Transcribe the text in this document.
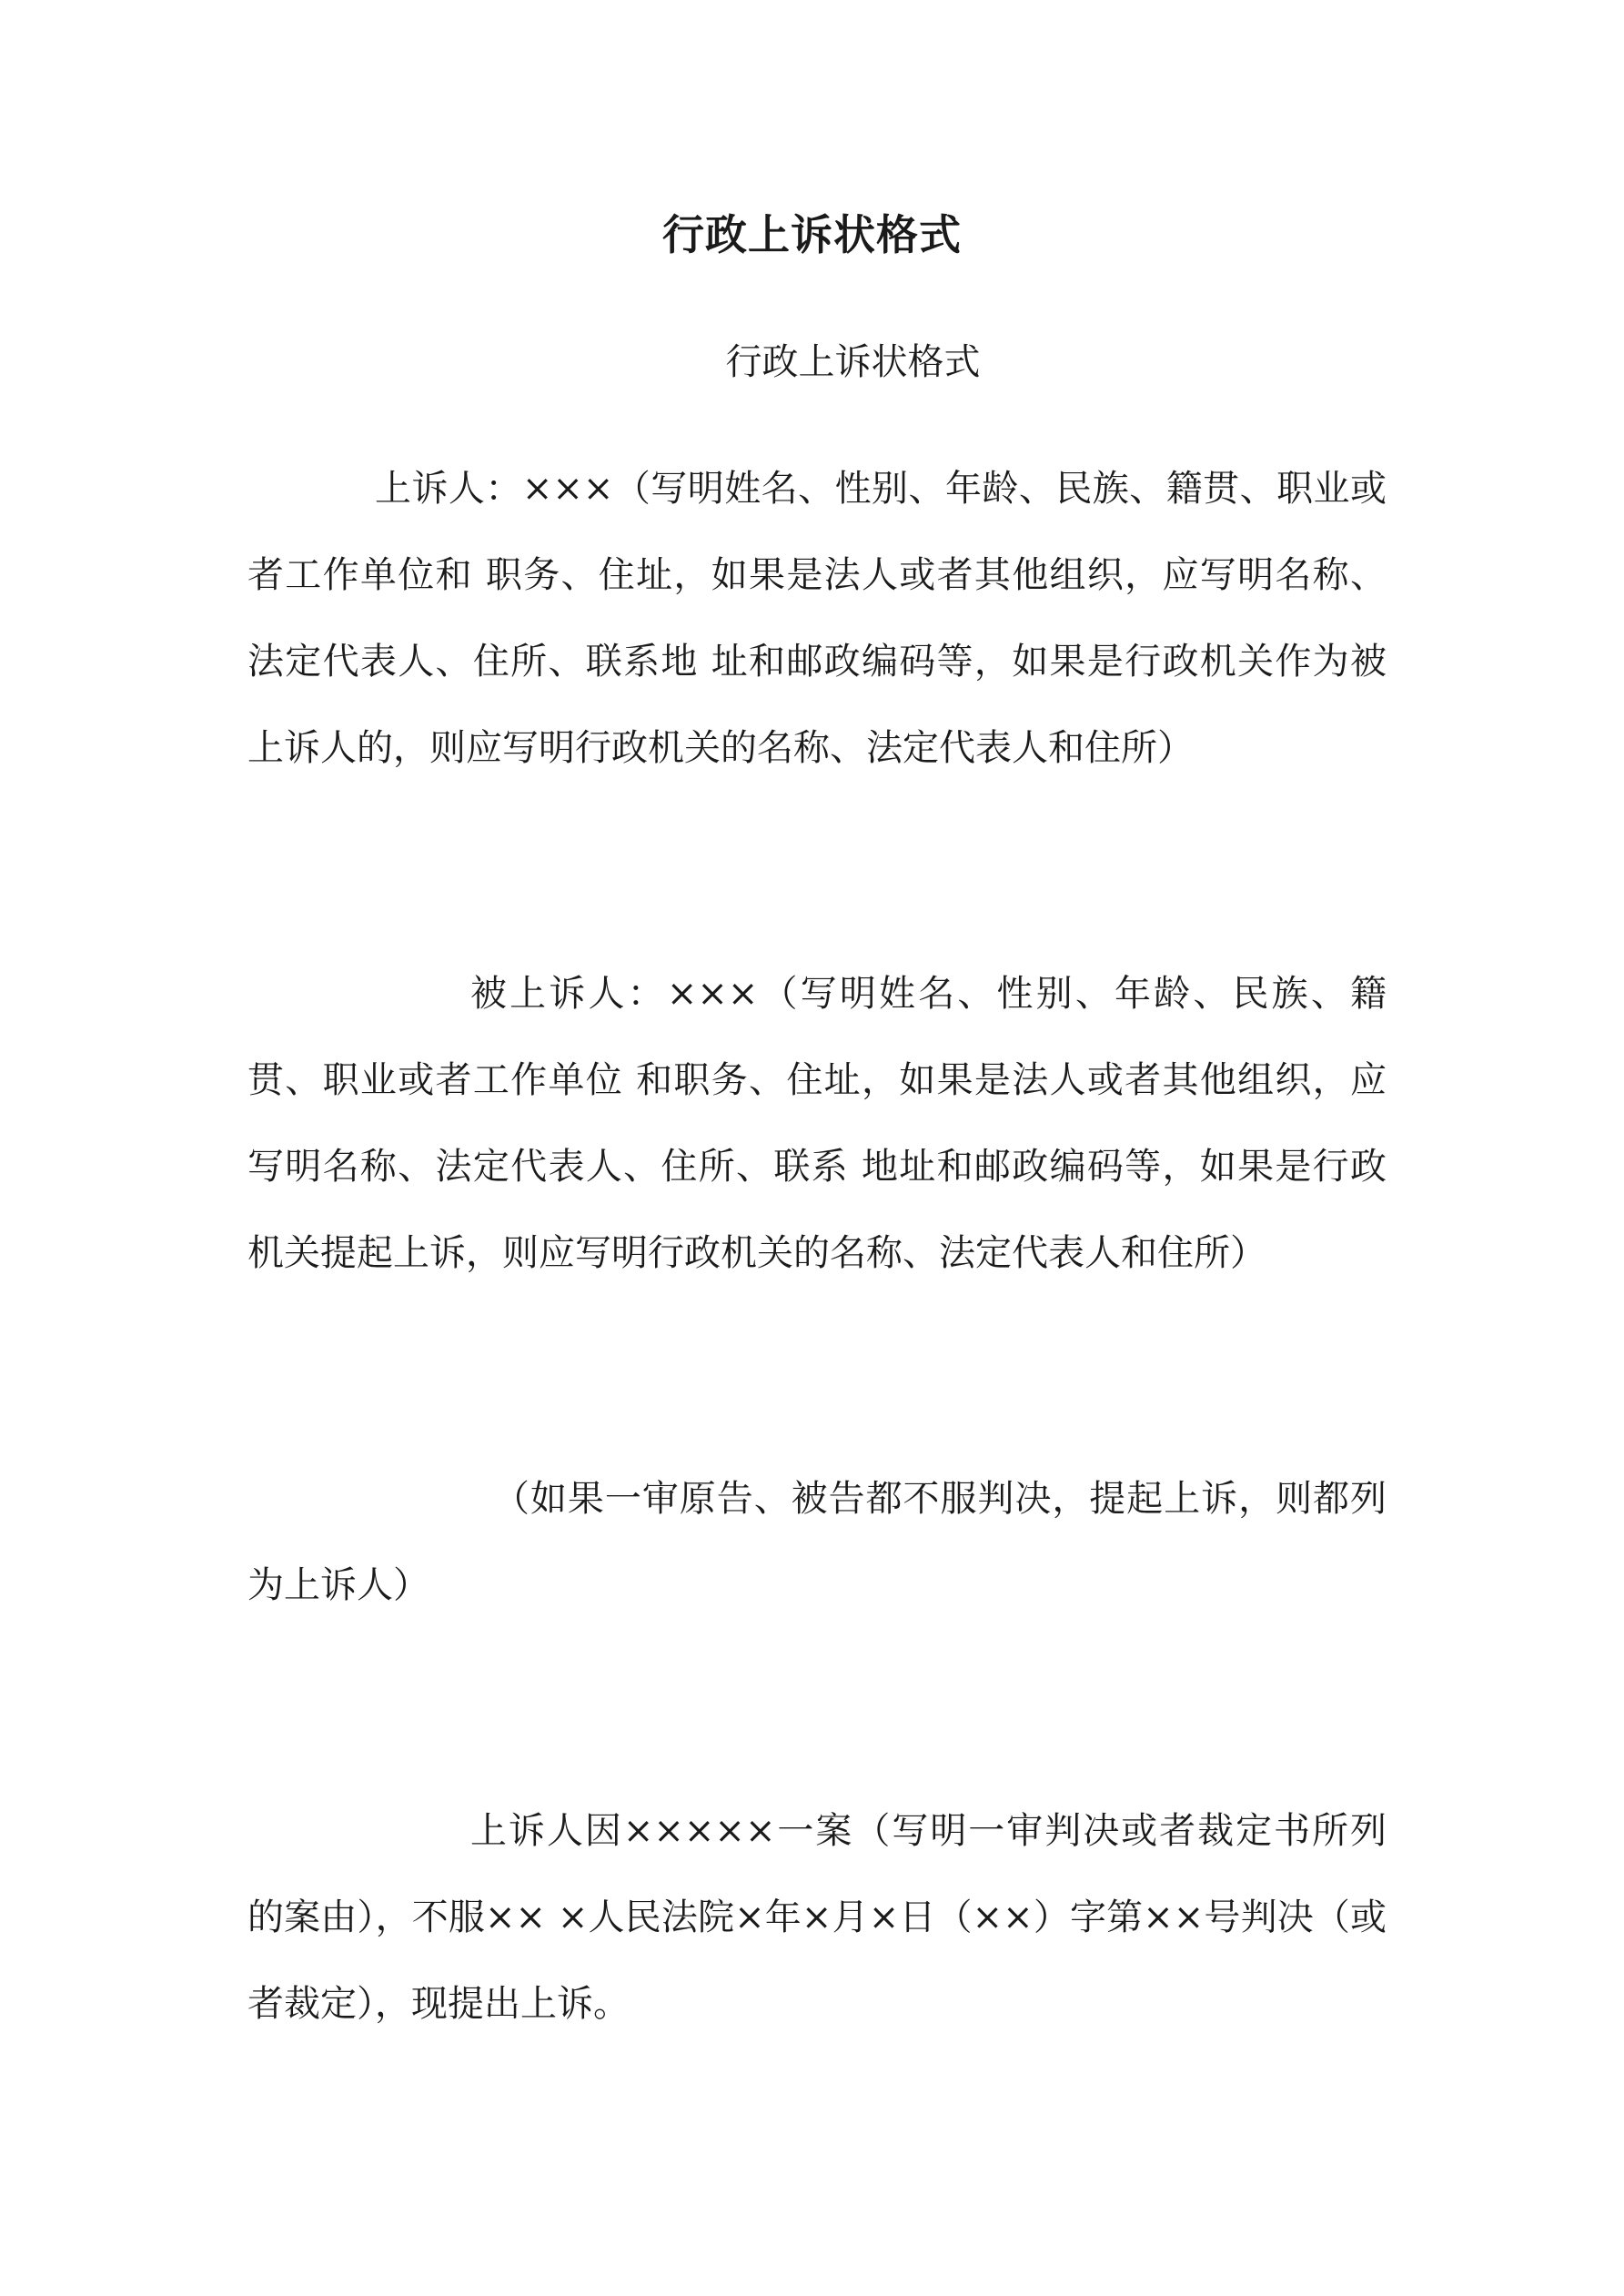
行政上诉状格式
行政上诉状格式

上诉人：×××（写明姓名、性别、年龄、民族、籍贯、职业或者工作单位和 职务、住址，如果是法人或者其他组织，应写明名称、法定代表人、住所、联系地 址和邮政编码等，如果是行政机关作为被上诉人的，则应写明行政机关的名称、法定代表人和住所）

被上诉人：×××（写明姓名、性别、年龄、民族、籍贯、职业或者工作单位 和职务、住址，如果是法人或者其他组织，应写明名称、法定代表人、住所、联系 地址和邮政编码等，如果是行政机关提起上诉，则应写明行政机关的名称、法定代表人和住所）

（如果一审原告、被告都不服判决，提起上诉，则都列为上诉人）

上诉人因×××××一案（写明一审判决或者裁定书所列的案由），不服×× ×人民法院×年×月×日（××）字第××号判决（或者裁定），现提出上诉。
